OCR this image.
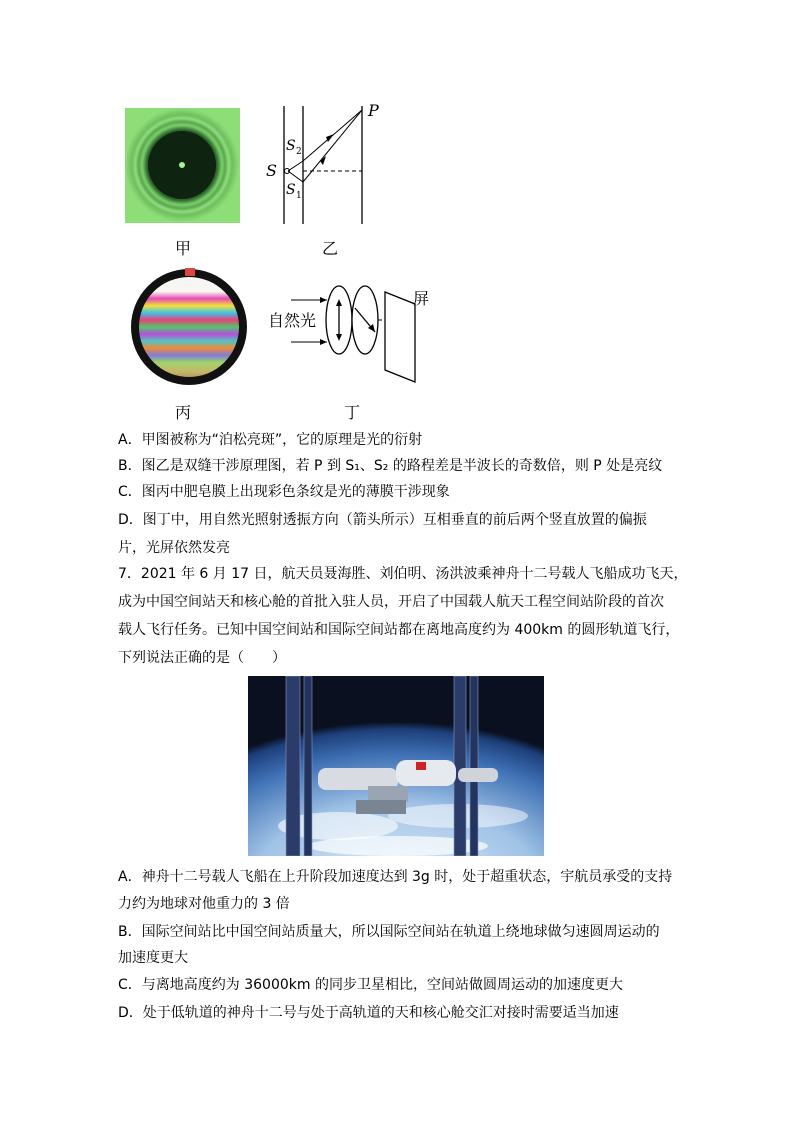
甲
P
S
S 2
S 1
乙
丙
自然光
屏
丁
A．甲图被称为“泊松亮斑”，它的原理是光的衍射
B．图乙是双缝干涉原理图，若 P 到 S₁、S₂ 的路程差是半波长的奇数倍，则 P 处是亮纹
C．图丙中肥皂膜上出现彩色条纹是光的薄膜干涉现象
D．图丁中，用自然光照射透振方向（箭头所示）互相垂直的前后两个竖直放置的偏振
片，光屏依然发亮
7．2021 年 6 月 17 日，航天员聂海胜、刘伯明、汤洪波乘神舟十二号载人飞船成功飞天，
成为中国空间站天和核心舱的首批入驻人员，开启了中国载人航天工程空间站阶段的首次
载人飞行任务。已知中国空间站和国际空间站都在离地高度约为 400km 的圆形轨道飞行，
下列说法正确的是（　　）
A．神舟十二号载人飞船在上升阶段加速度达到 3g 时，处于超重状态，宇航员承受的支持
力约为地球对他重力的 3 倍
B．国际空间站比中国空间站质量大，所以国际空间站在轨道上绕地球做匀速圆周运动的
加速度更大
C．与离地高度约为 36000km 的同步卫星相比，空间站做圆周运动的加速度更大
D．处于低轨道的神舟十二号与处于高轨道的天和核心舱交汇对接时需要适当加速
